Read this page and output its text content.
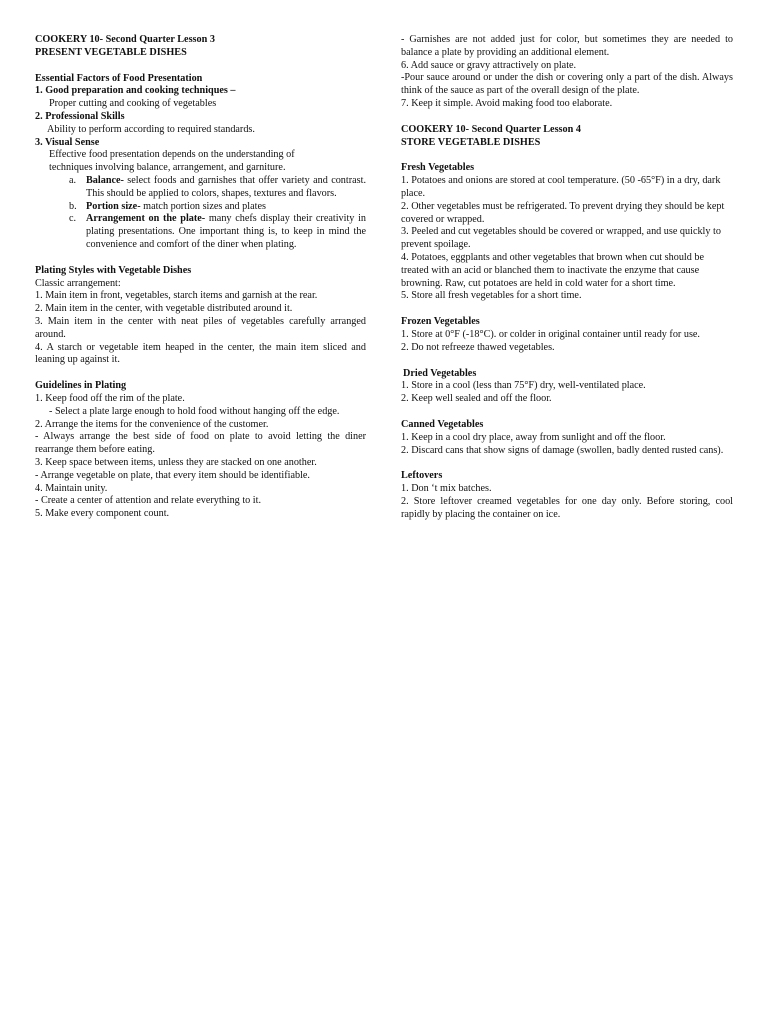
COOKERY 10- Second Quarter Lesson 3
PRESENT VEGETABLE DISHES
Essential Factors of Food Presentation
1. Good preparation and cooking techniques –
Proper cutting and cooking of vegetables
2. Professional Skills
Ability to perform according to required standards.
3. Visual Sense
Effective food presentation depends on the understanding of
techniques involving balance, arrangement, and garniture.
a. Balance- select foods and garnishes that offer variety and contrast. This should be applied to colors, shapes, textures and flavors.
b. Portion size- match portion sizes and plates
c. Arrangement on the plate- many chefs display their creativity in plating presentations. One important thing is, to keep in mind the convenience and comfort of the diner when plating.
Plating Styles with Vegetable Dishes
Classic arrangement:
1. Main item in front, vegetables, starch items and garnish at the rear.
2. Main item in the center, with vegetable distributed around it.
3. Main item in the center with neat piles of vegetables carefully arranged around.
4. A starch or vegetable item heaped in the center, the main item sliced and leaning up against it.
Guidelines in Plating
1. Keep food off the rim of the plate.
- Select a plate large enough to hold food without hanging off the edge.
2. Arrange the items for the convenience of the customer.
- Always arrange the best side of food on plate to avoid letting the diner rearrange them before eating.
3. Keep space between items, unless they are stacked on one another.
- Arrange vegetable on plate, that every item should be identifiable.
4. Maintain unity.
- Create a center of attention and relate everything to it.
5. Make every component count.
- Garnishes are not added just for color, but sometimes they are needed to balance a plate by providing an additional element.
6. Add sauce or gravy attractively on plate.
-Pour sauce around or under the dish or covering only a part of the dish. Always think of the sauce as part of the overall design of the plate.
7. Keep it simple. Avoid making food too elaborate.
COOKERY 10- Second Quarter Lesson 4
STORE VEGETABLE DISHES
Fresh Vegetables
1. Potatoes and onions are stored at cool temperature. (50 -65°F) in a dry, dark place.
2. Other vegetables must be refrigerated. To prevent drying they should be kept covered or wrapped.
3. Peeled and cut vegetables should be covered or wrapped, and use quickly to prevent spoilage.
4. Potatoes, eggplants and other vegetables that brown when cut should be treated with an acid or blanched them to inactivate the enzyme that cause browning. Raw, cut potatoes are held in cold water for a short time.
5. Store all fresh vegetables for a short time.
Frozen Vegetables
1. Store at 0°F (-18°C). or colder in original container until ready for use.
2. Do not refreeze thawed vegetables.
Dried Vegetables
1. Store in a cool (less than 75°F) dry, well-ventilated place.
2. Keep well sealed and off the floor.
Canned Vegetables
1. Keep in a cool dry place, away from sunlight and off the floor.
2. Discard cans that show signs of damage (swollen, badly dented rusted cans).
Leftovers
1. Don ‘t mix batches.
2. Store leftover creamed vegetables for one day only. Before storing, cool rapidly by placing the container on ice.
